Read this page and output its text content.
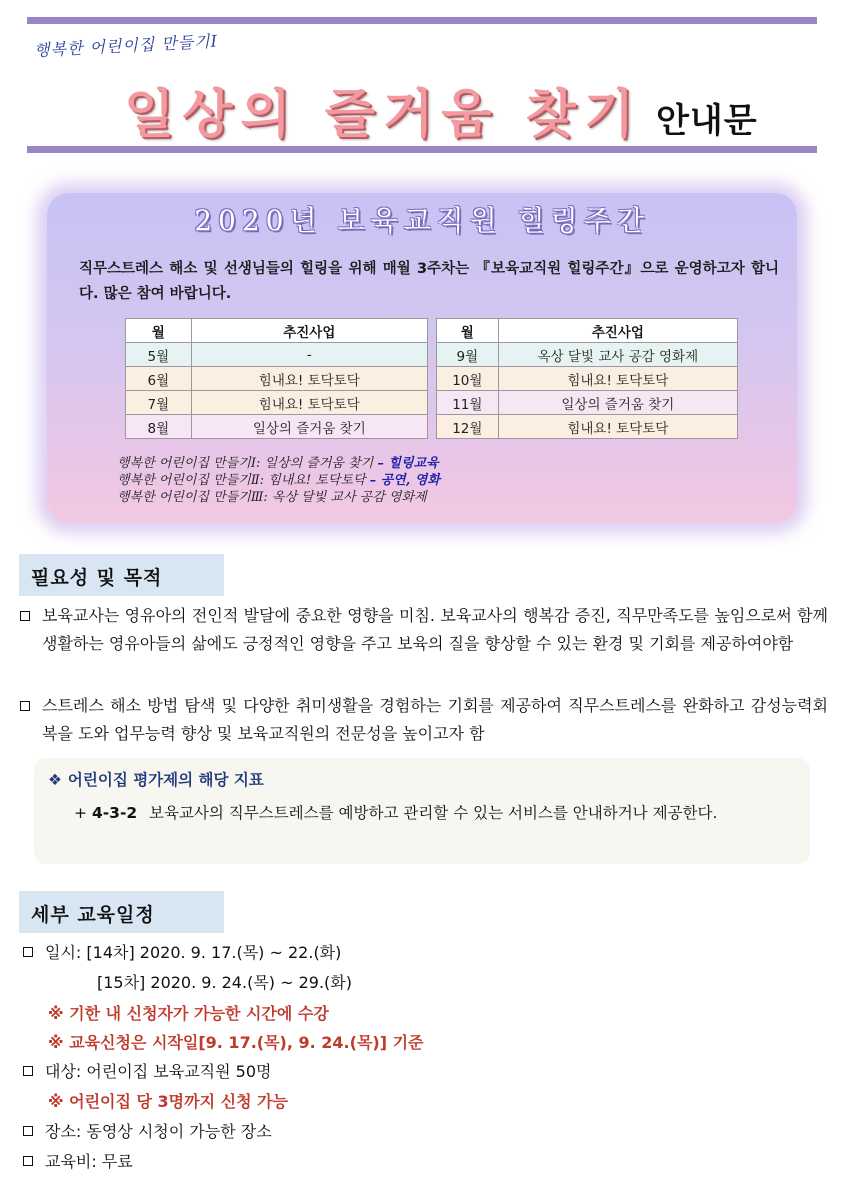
행복한 어린이집 만들기Ⅰ
일상의 즐거움 찾기 안내문
2020년 보육교직원 힐링주간
직무스트레스 해소 및 선생님들의 힐링을 위해 매월 3주차는 『보육교직원 힐링주간』으로 운영하고자 합니다. 많은 참여 바랍니다.
월	추진사업		월	추진사업
5월	-		9월	옥상 달빛 교사 공감 영화제
6월	힘내요! 토닥토닥		10월	힘내요! 토닥토닥
7월	힘내요! 토닥토닥		11월	일상의 즐거움 찾기
8월	일상의 즐거움 찾기		12월	힘내요! 토닥토닥
행복한 어린이집 만들기Ⅰ: 일상의 즐거움 찾기 – 힐링교육
행복한 어린이집 만들기Ⅱ: 힘내요! 토닥토닥 – 공연, 영화
행복한 어린이집 만들기Ⅲ: 옥상 달빛 교사 공감 영화제
필요성 및 목적
보육교사는 영유아의 전인적 발달에 중요한 영향을 미침. 보육교사의 행복감 증진, 직무만족도를 높임으로써 함께 생활하는 영유아들의 삶에도 긍정적인 영향을 주고 보육의 질을 향상할 수 있는 환경 및 기회를 제공하여야함
스트레스 해소 방법 탐색 및 다양한 취미생활을 경험하는 기회를 제공하여 직무스트레스를 완화하고 감성능력회복을 도와 업무능력 향상 및 보육교직원의 전문성을 높이고자 함
❖ 어린이집 평가제의 해당 지표
+ 4-3-2 보육교사의 직무스트레스를 예방하고 관리할 수 있는 서비스를 안내하거나 제공한다.
세부 교육일정
일시: [14차] 2020. 9. 17.(목) ~ 22.(화)
[15차] 2020. 9. 24.(목) ~ 29.(화)
※ 기한 내 신청자가 가능한 시간에 수강
※ 교육신청은 시작일[9. 17.(목), 9. 24.(목)] 기준
대상: 어린이집 보육교직원 50명
※ 어린이집 당 3명까지 신청 가능
장소: 동영상 시청이 가능한 장소
교육비: 무료
